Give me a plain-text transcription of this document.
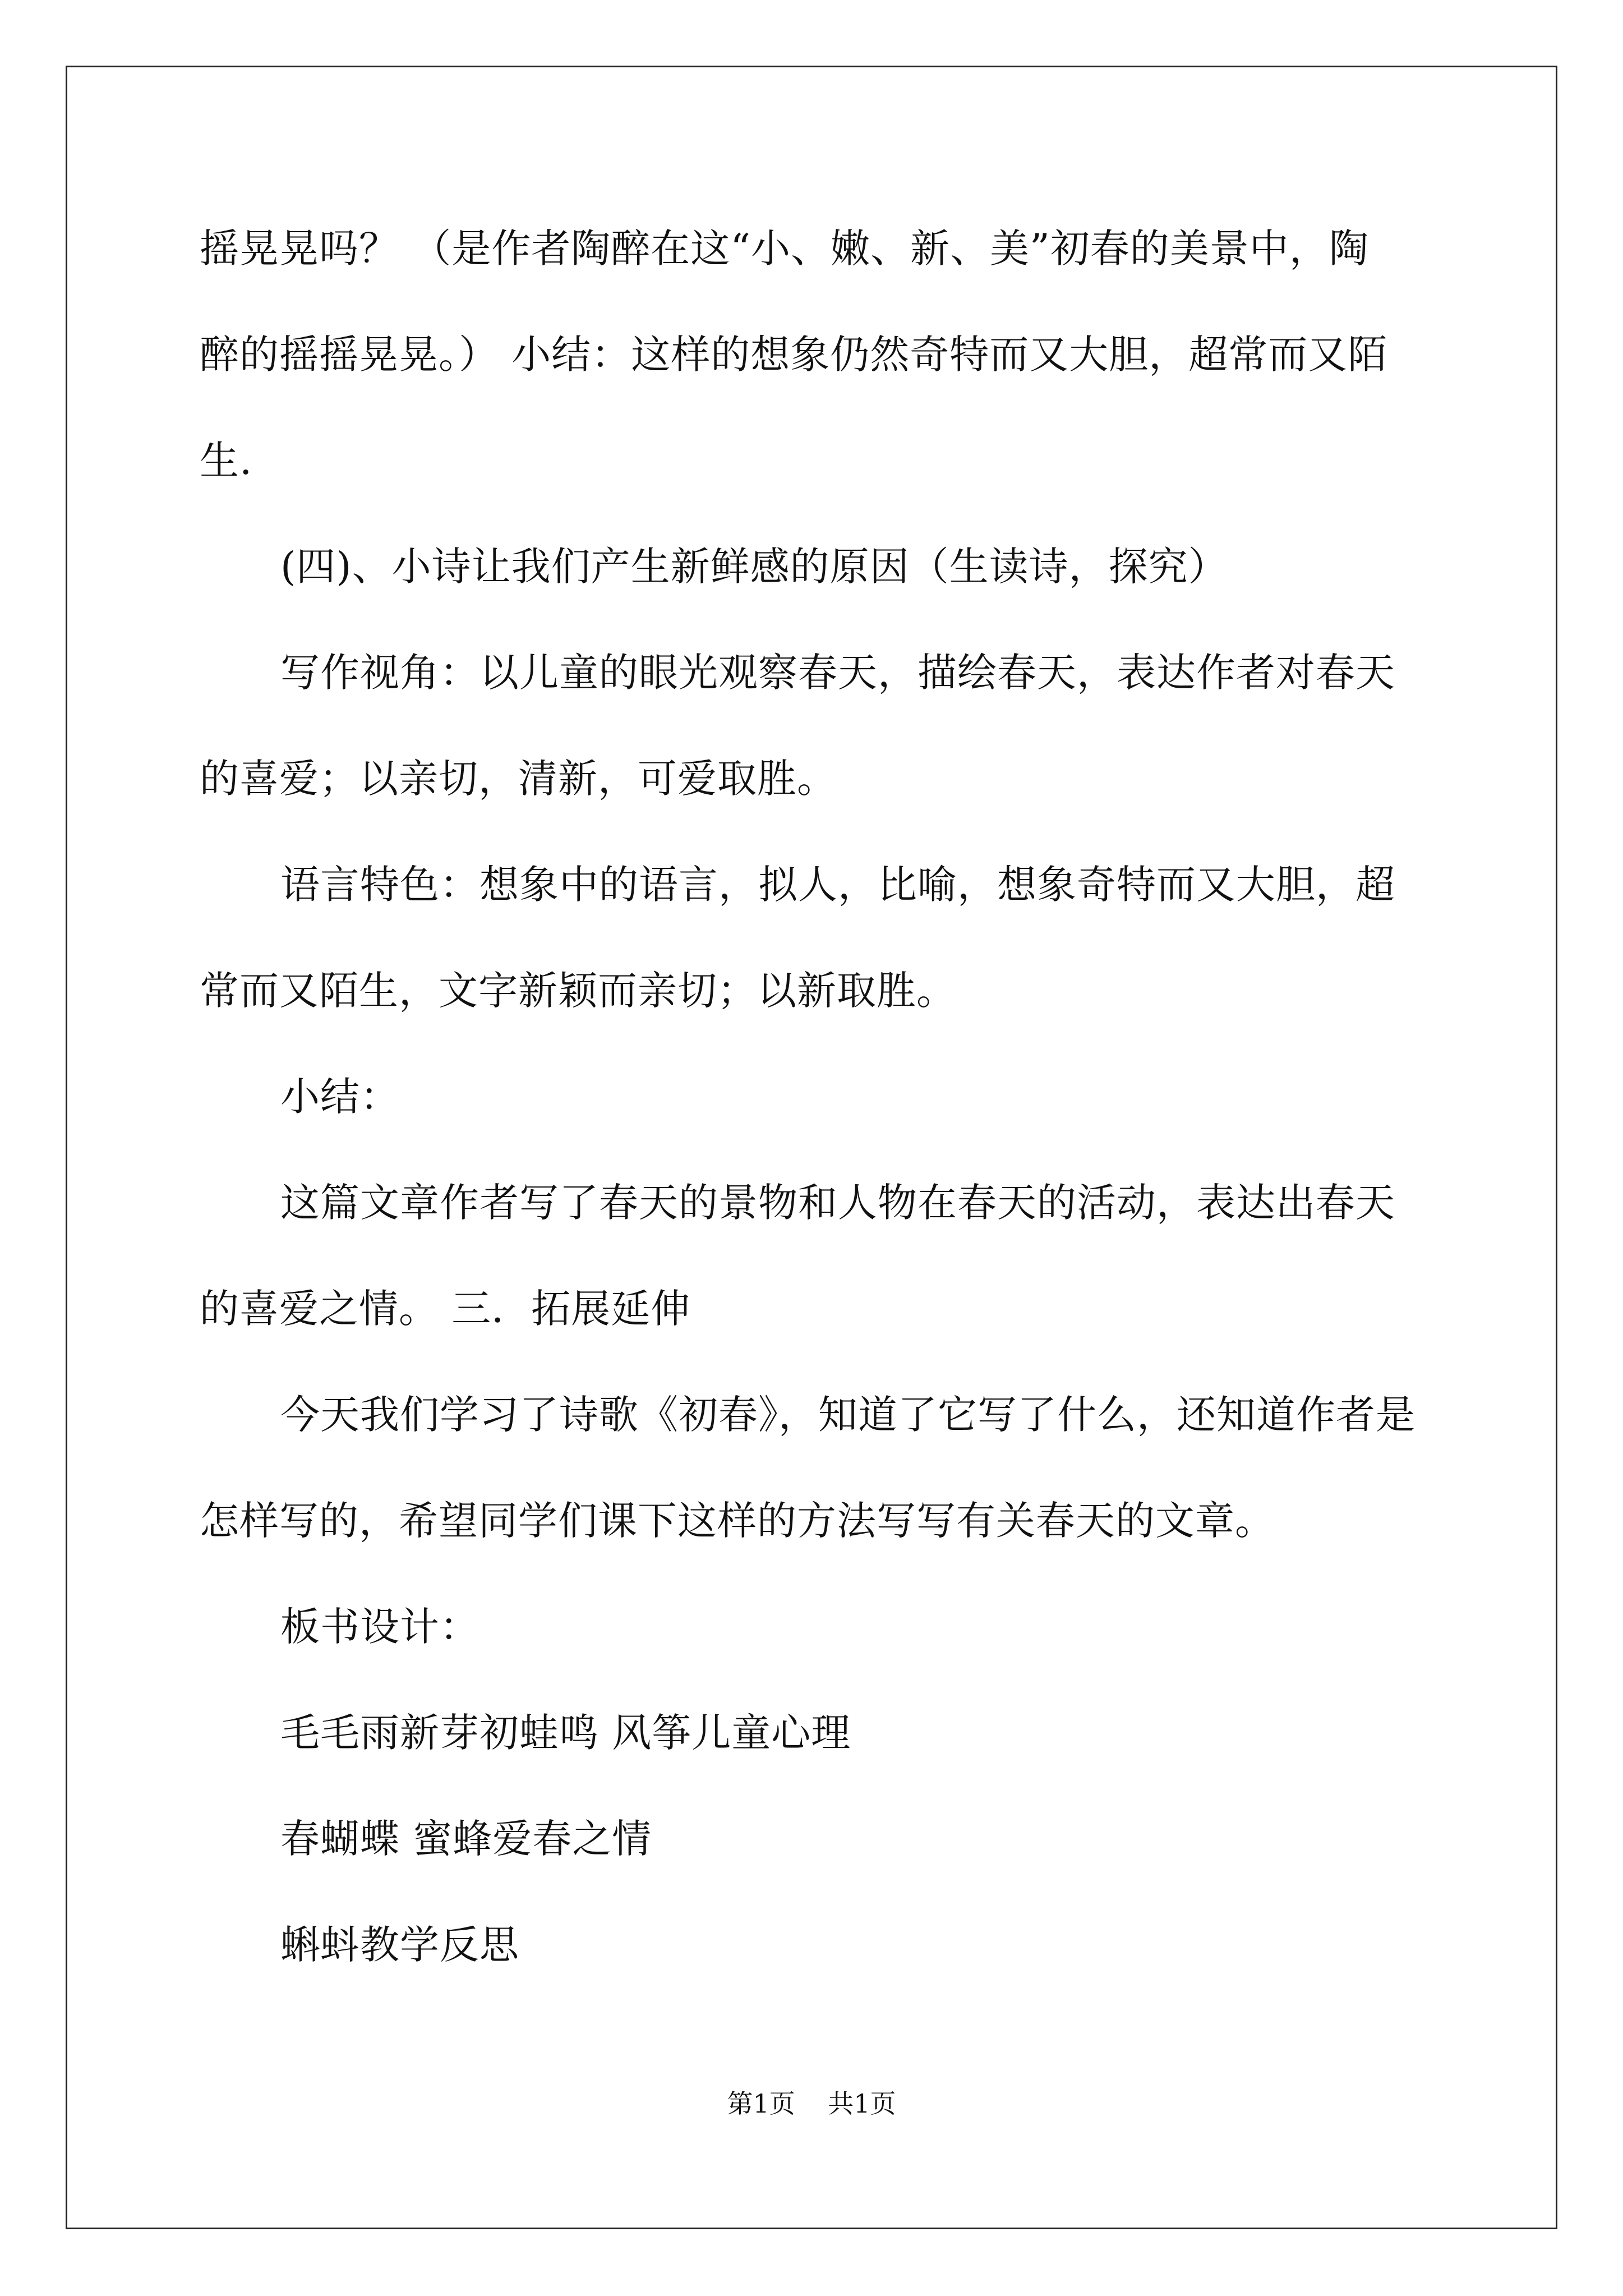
摇晃晃吗？ （是作者陶醉在这“小、嫩、新、美”初春的美景中，陶
醉的摇摇晃晃。） 小结：这样的想象仍然奇特而又大胆，超常而又陌
生.
(四)、小诗让我们产生新鲜感的原因（生读诗，探究）
写作视角：以儿童的眼光观察春天，描绘春天，表达作者对春天
的喜爱；以亲切，清新，可爱取胜。
语言特色：想象中的语言，拟人，比喻，想象奇特而又大胆，超
常而又陌生，文字新颖而亲切；以新取胜。
小结：
这篇文章作者写了春天的景物和人物在春天的活动，表达出春天
的喜爱之情。 三．拓展延伸
今天我们学习了诗歌《初春》，知道了它写了什么，还知道作者是
怎样写的，希望同学们课下这样的方法写写有关春天的文章。
板书设计：
毛毛雨新芽初蛙鸣 风筝儿童心理
春蝴蝶 蜜蜂爱春之情
蝌蚪教学反思
第1页 共1页
